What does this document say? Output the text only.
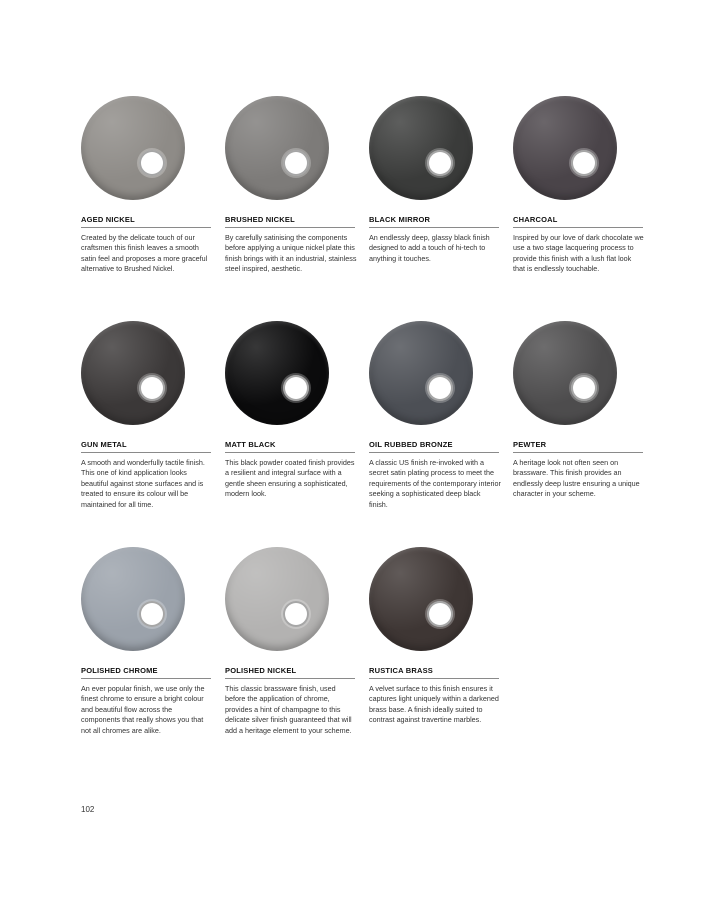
AGED NICKEL
Created by the delicate touch of our craftsmen this finish leaves a smooth satin feel and proposes a more graceful alternative to Brushed Nickel.
BRUSHED NICKEL
By carefully satinising the components before applying a unique nickel plate this finish brings with it an industrial, stainless steel inspired, aesthetic.
BLACK MIRROR
An endlessly deep, glassy black finish designed to add a touch of hi-tech to anything it touches.
CHARCOAL
Inspired by our love of dark chocolate we use a two stage lacquering process to provide this finish with a lush flat look that is endlessly touchable.
GUN METAL
A smooth and wonderfully tactile finish. This one of kind application looks beautiful against stone surfaces and is treated to ensure its colour will be maintained for all time.
MATT BLACK
This black powder coated finish provides a resilient and integral surface with a gentle sheen ensuring a sophisticated, modern look.
OIL RUBBED BRONZE
A classic US finish re-invoked with a secret satin plating process to meet the requirements of the contemporary interior seeking a sophisticated deep black finish.
PEWTER
A heritage look not often seen on brassware. This finish provides an endlessly deep lustre ensuring a unique character in your scheme.
POLISHED CHROME
An ever popular finish, we use only the finest chrome to ensure a bright colour and beautiful flow across the components that really shows you that not all chromes are alike.
POLISHED NICKEL
This classic brassware finish, used before the application of chrome, provides a hint of champagne to this delicate silver finish guaranteed that will add a heritage element to your scheme.
RUSTICA BRASS
A velvet surface to this finish ensures it captures light uniquely within a darkened brass base. A finish ideally suited to contrast against travertine marbles.
102
